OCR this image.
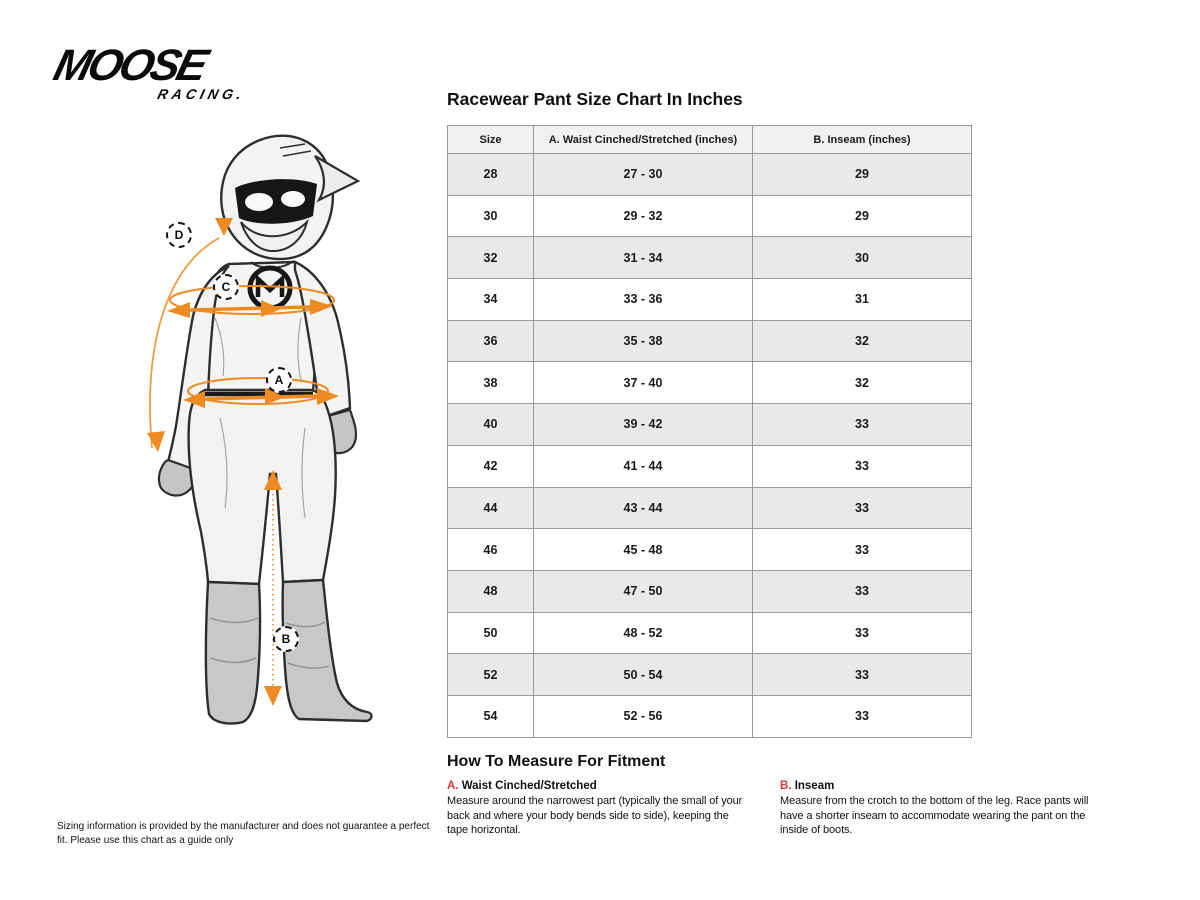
MOOSE
RACING.
D
C
A
B
Racewear Pant Size Chart In Inches
Size	A. Waist Cinched/Stretched (inches)	B. Inseam (inches)
28	27 - 30	29
30	29 - 32	29
32	31 - 34	30
34	33 - 36	31
36	35 - 38	32
38	37 - 40	32
40	39 - 42	33
42	41 - 44	33
44	43 - 44	33
46	45 - 48	33
48	47 - 50	33
50	48 - 52	33
52	50 - 54	33
54	52 - 56	33
How To Measure For Fitment
A. Waist Cinched/Stretched
Measure around the narrowest part (typically the small of your back and where your body bends side to side), keeping the tape horizontal.
B. Inseam
Measure from the crotch to the bottom of the leg. Race pants will have a shorter inseam to accommodate wearing the pant on the inside of boots.
Sizing information is provided by the manufacturer and does not guarantee a perfect fit. Please use this chart as a guide only
